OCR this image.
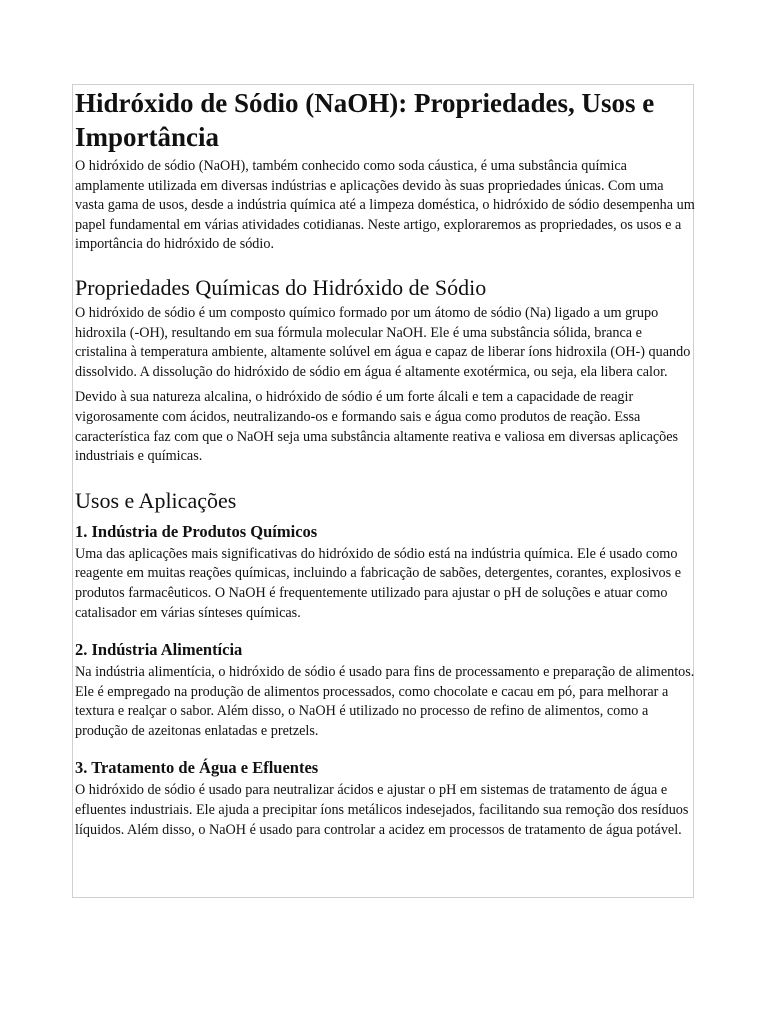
Hidróxido de Sódio (NaOH): Propriedades, Usos e Importância

O hidróxido de sódio (NaOH), também conhecido como soda cáustica, é uma substância química amplamente utilizada em diversas indústrias e aplicações devido às suas propriedades únicas. Com uma vasta gama de usos, desde a indústria química até a limpeza doméstica, o hidróxido de sódio desempenha um papel fundamental em várias atividades cotidianas. Neste artigo, exploraremos as propriedades, os usos e a importância do hidróxido de sódio.

Propriedades Químicas do Hidróxido de Sódio

O hidróxido de sódio é um composto químico formado por um átomo de sódio (Na) ligado a um grupo hidroxila (-OH), resultando em sua fórmula molecular NaOH. Ele é uma substância sólida, branca e cristalina à temperatura ambiente, altamente solúvel em água e capaz de liberar íons hidroxila (OH-) quando dissolvido. A dissolução do hidróxido de sódio em água é altamente exotérmica, ou seja, ela libera calor.

Devido à sua natureza alcalina, o hidróxido de sódio é um forte álcali e tem a capacidade de reagir vigorosamente com ácidos, neutralizando-os e formando sais e água como produtos de reação. Essa característica faz com que o NaOH seja uma substância altamente reativa e valiosa em diversas aplicações industriais e químicas.

Usos e Aplicações
1. Indústria de Produtos Químicos

Uma das aplicações mais significativas do hidróxido de sódio está na indústria química. Ele é usado como reagente em muitas reações químicas, incluindo a fabricação de sabões, detergentes, corantes, explosivos e produtos farmacêuticos. O NaOH é frequentemente utilizado para ajustar o pH de soluções e atuar como catalisador em várias sínteses químicas.

2. Indústria Alimentícia

Na indústria alimentícia, o hidróxido de sódio é usado para fins de processamento e preparação de alimentos. Ele é empregado na produção de alimentos processados, como chocolate e cacau em pó, para melhorar a textura e realçar o sabor. Além disso, o NaOH é utilizado no processo de refino de alimentos, como a produção de azeitonas enlatadas e pretzels.

3. Tratamento de Água e Efluentes

O hidróxido de sódio é usado para neutralizar ácidos e ajustar o pH em sistemas de tratamento de água e efluentes industriais. Ele ajuda a precipitar íons metálicos indesejados, facilitando sua remoção dos resíduos líquidos. Além disso, o NaOH é usado para controlar a acidez em processos de tratamento de água potável.
